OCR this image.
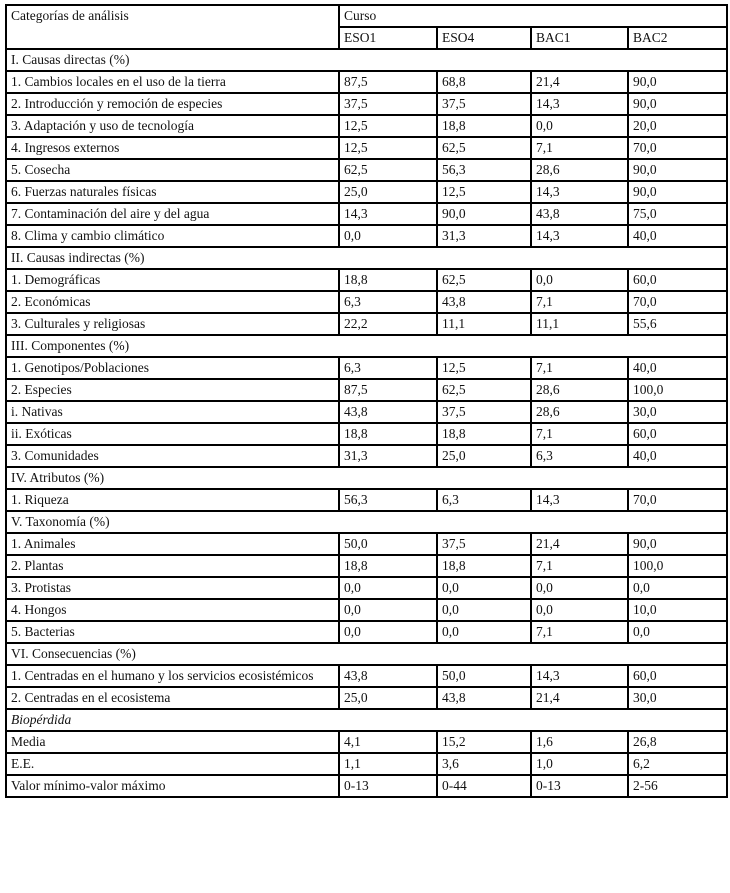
Categorías de análisis	Curso			
	ESO1	ESO4	BAC1	BAC2
I. Causas directas (%)				
1. Cambios locales en el uso de la tierra	87,5	68,8	21,4	90,0
2. Introducción y remoción de especies	37,5	37,5	14,3	90,0
3. Adaptación y uso de tecnología	12,5	18,8	0,0	20,0
4. Ingresos externos	12,5	62,5	7,1	70,0
5. Cosecha	62,5	56,3	28,6	90,0
6. Fuerzas naturales físicas	25,0	12,5	14,3	90,0
7. Contaminación del aire y del agua	14,3	90,0	43,8	75,0
8. Clima y cambio climático	0,0	31,3	14,3	40,0
II. Causas indirectas (%)				
1. Demográficas	18,8	62,5	0,0	60,0
2. Económicas	6,3	43,8	7,1	70,0
3. Culturales y religiosas	22,2	11,1	11,1	55,6
III. Componentes (%)				
1. Genotipos/Poblaciones	6,3	12,5	7,1	40,0
2. Especies	87,5	62,5	28,6	100,0
i. Nativas	43,8	37,5	28,6	30,0
ii. Exóticas	18,8	18,8	7,1	60,0
3. Comunidades	31,3	25,0	6,3	40,0
IV. Atributos (%)				
1. Riqueza	56,3	6,3	14,3	70,0
V. Taxonomía (%)				
1. Animales	50,0	37,5	21,4	90,0
2. Plantas	18,8	18,8	7,1	100,0
3. Protistas	0,0	0,0	0,0	0,0
4. Hongos	0,0	0,0	0,0	10,0
5. Bacterias	0,0	0,0	7,1	0,0
VI. Consecuencias (%)				
1. Centradas en el humano y los servicios ecosistémicos	43,8	50,0	14,3	60,0
2. Centradas en el ecosistema	25,0	43,8	21,4	30,0
Biopérdida				
Media	4,1	15,2	1,6	26,8
E.E.	1,1	3,6	1,0	6,2
Valor mínimo-valor máximo	0-13	0-44	0-13	2-56
